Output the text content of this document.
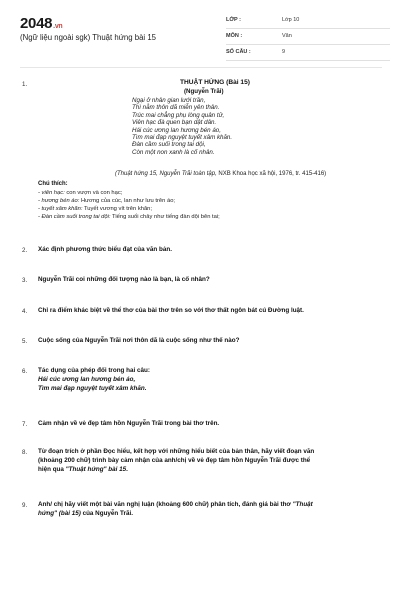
2048.vn
(Ngữ liệu ngoài sgk) Thuật hứng bài 15
LỚP :	Lớp 10
MÔN :	Văn
SỐ CÂU :	9
1.	THUẬT HỨNG (Bài 15)
(Nguyễn Trãi)
Ngại ở nhân gian lưới trần,
Thì nằm thôn dã miễn yên thân.
Trúc mai chẳng phụ lòng quân tử,
Viên hạc đà quen bạn dật dân.
Hái cúc ương lan hương bén áo,
Tìm mai đạp nguyệt tuyết xâm khăn.
Đàn cầm suối trong tai dội,
Còn một non xanh là cố nhân.
(Thuật hứng 15, Nguyễn Trãi toàn tập, NXB Khoa học xã hội, 1976, tr. 415-416)
Chú thích:
- viên hạc: con vượn và con hạc;
- hương bén áo: Hương của cúc, lan như lưu trên áo;
- tuyết xâm khăn: Tuyết vương vít trên khăn;
- Đàn cầm suối trong tai dội: Tiếng suối chảy như tiếng đàn dội bên tai;
2. Xác định phương thức biểu đạt của văn bản.
3. Nguyễn Trãi coi những đối tượng nào là bạn, là cố nhân?
4. Chỉ ra điểm khác biệt về thể thơ của bài thơ trên so với thơ thất ngôn bát cú Đường luật.
5. Cuộc sống của Nguyễn Trãi nơi thôn dã là cuộc sống như thế nào?
6. Tác dụng của phép đối trong hai câu:
Hái cúc ương lan hương bén áo,
Tìm mai đạp nguyệt tuyết xâm khăn.
7. Cảm nhận về vẻ đẹp tâm hồn Nguyễn Trãi trong bài thơ trên.
8. Từ đoạn trích ở phần Đọc hiểu, kết hợp với những hiểu biết của bản thân, hãy viết đoạn văn
(khoảng 200 chữ) trình bày cảm nhận của anh/chị về vẻ đẹp tâm hồn Nguyễn Trãi được thể
hiện qua "Thuật hứng" bài 15.
9. Anh/ chị hãy viết một bài văn nghị luận (khoảng 600 chữ) phân tích, đánh giá bài thơ "Thuật
hứng" (bài 15) của Nguyễn Trãi.
